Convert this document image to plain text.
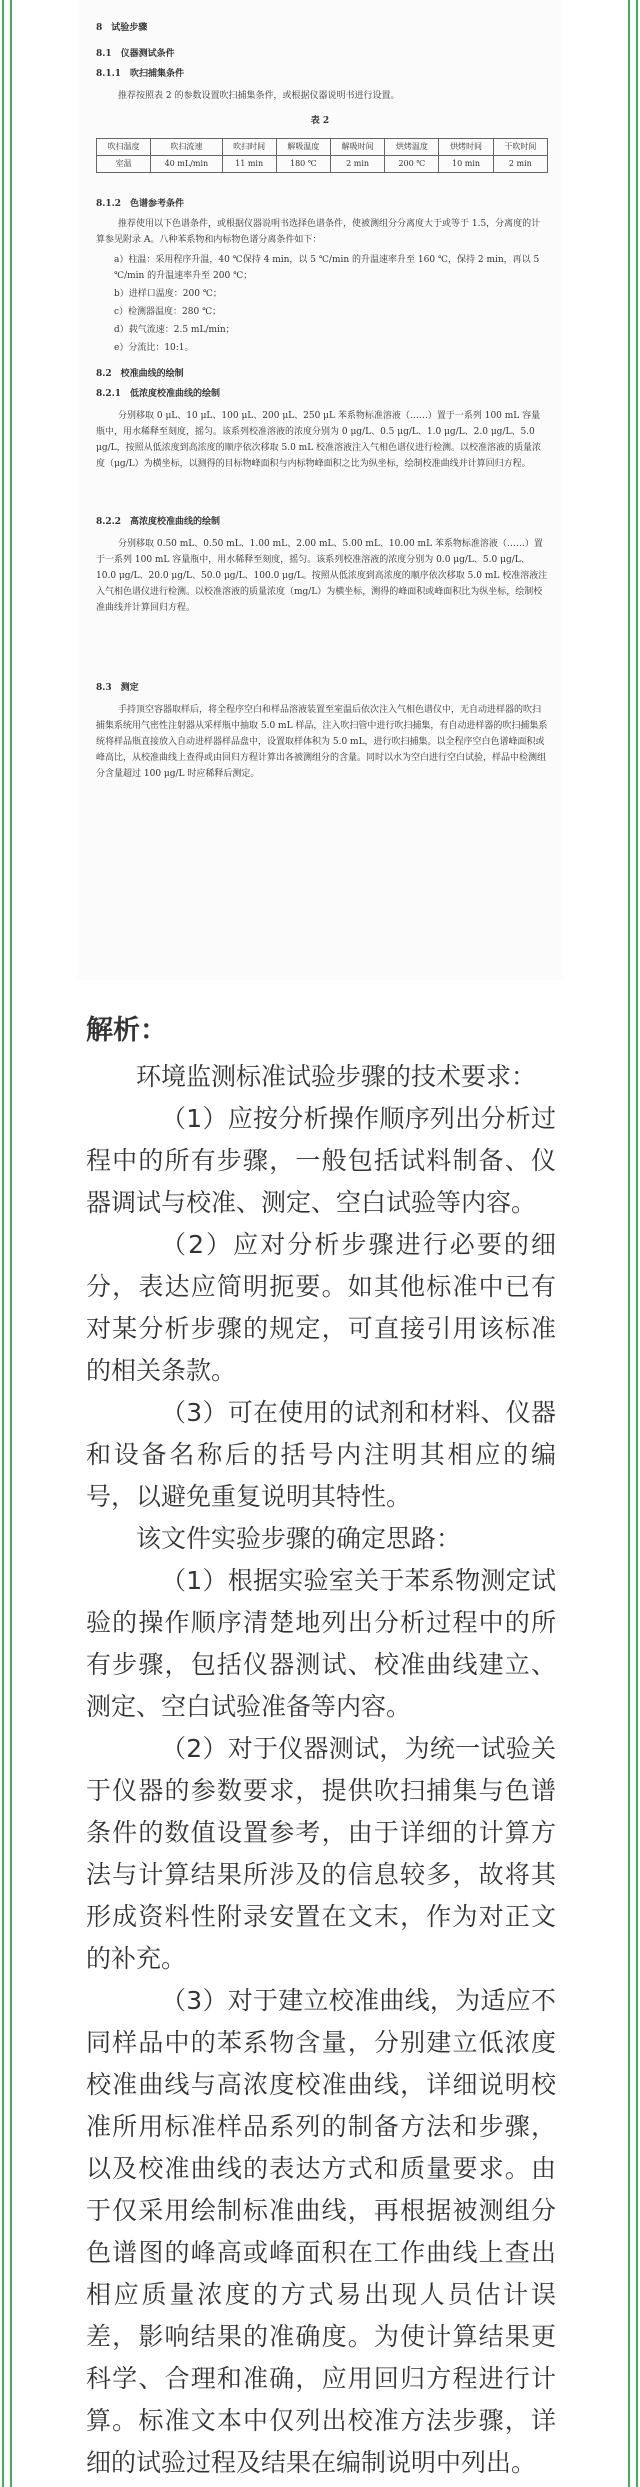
8　试验步骤
8.1　仪器测试条件
8.1.1　吹扫捕集条件
推荐按照表 2 的参数设置吹扫捕集条件，或根据仪器说明书进行设置。
表 2
吹扫温度	吹扫流速	吹扫时间	解吸温度	解吸时间	烘烤温度	烘烤时间	干吹时间
室温	40 mL/min	11 min	180 ℃	2 min	200 ℃	10 min	2 min
8.1.2　色谱参考条件
推荐使用以下色谱条件，或根据仪器说明书选择色谱条件，使被测组分分离度大于或等于 1.5，分离度的计算参见附录 A。八种苯系物和内标物色谱分离条件如下：
a）柱温：采用程序升温，40 ℃保持 4 min，以 5 ℃/min 的升温速率升至 160 ℃，保持 2 min，再以 5 ℃/min 的升温速率升至 200 ℃；
b）进样口温度：200 ℃；
c）检测器温度：280 ℃；
d）载气流速：2.5 mL/min；
e）分流比：10:1。
8.2　校准曲线的绘制
8.2.1　低浓度校准曲线的绘制
分别移取 0 μL、10 μL、100 μL、200 μL、250 μL 苯系物标准溶液（……）置于一系列 100 mL 容量瓶中，用水稀释至刻度，摇匀。该系列校准溶液的浓度分别为 0 μg/L、0.5 μg/L、1.0 μg/L、2.0 μg/L、5.0 μg/L，按照从低浓度到高浓度的顺序依次移取 5.0 mL 校准溶液注入气相色谱仪进行检测。以校准溶液的质量浓度（μg/L）为横坐标，以测得的目标物峰面积与内标物峰面积之比为纵坐标，绘制校准曲线并计算回归方程。
8.2.2　高浓度校准曲线的绘制
分别移取 0.50 mL、0.50 mL、1.00 mL、2.00 mL、5.00 mL、10.00 mL 苯系物标准溶液（……）置于一系列 100 mL 容量瓶中，用水稀释至刻度，摇匀。该系列校准溶液的浓度分别为 0.0 μg/L、5.0 μg/L、10.0 μg/L、20.0 μg/L、50.0 μg/L、100.0 μg/L。按照从低浓度到高浓度的顺序依次移取 5.0 mL 校准溶液注入气相色谱仪进行检测。以校准溶液的质量浓度（mg/L）为横坐标，测得的峰面积或峰面积比为纵坐标，绘制校准曲线并计算回归方程。
8.3　测定
手持顶空容器取样后，将全程序空白和样品溶液装置至室温后依次注入气相色谱仪中，无自动进样器的吹扫捕集系统用气密性注射器从采样瓶中抽取 5.0 mL 样品，注入吹扫管中进行吹扫捕集，有自动进样器的吹扫捕集系统将样品瓶直接放入自动进样器样品盘中，设置取样体积为 5.0 mL，进行吹扫捕集。以全程序空白色谱峰面积或峰高比，从校准曲线上查得或由回归方程计算出各被测组分的含量。同时以水为空白进行空白试验，样品中检测组分含量超过 100 μg/L 时应稀释后测定。
解析：
环境监测标准试验步骤的技术要求：
（1）应按分析操作顺序列出分析过程中的所有步骤，一般包括试料制备、仪器调试与校准、测定、空白试验等内容。
（2）应对分析步骤进行必要的细分，表达应简明扼要。如其他标准中已有对某分析步骤的规定，可直接引用该标准的相关条款。
（3）可在使用的试剂和材料、仪器和设备名称后的括号内注明其相应的编号，以避免重复说明其特性。
该文件实验步骤的确定思路：
（1）根据实验室关于苯系物测定试验的操作顺序清楚地列出分析过程中的所有步骤，包括仪器测试、校准曲线建立、测定、空白试验准备等内容。
（2）对于仪器测试，为统一试验关于仪器的参数要求，提供吹扫捕集与色谱条件的数值设置参考，由于详细的计算方法与计算结果所涉及的信息较多，故将其形成资料性附录安置在文末，作为对正文的补充。
（3）对于建立校准曲线，为适应不同样品中的苯系物含量，分别建立低浓度校准曲线与高浓度校准曲线，详细说明校准所用标准样品系列的制备方法和步骤，以及校准曲线的表达方式和质量要求。由于仅采用绘制标准曲线，再根据被测组分色谱图的峰高或峰面积在工作曲线上查出相应质量浓度的方式易出现人员估计误差，影响结果的准确度。为使计算结果更科学、合理和准确，应用回归方程进行计算。标准文本中仅列出校准方法步骤，详细的试验过程及结果在编制说明中列出。
